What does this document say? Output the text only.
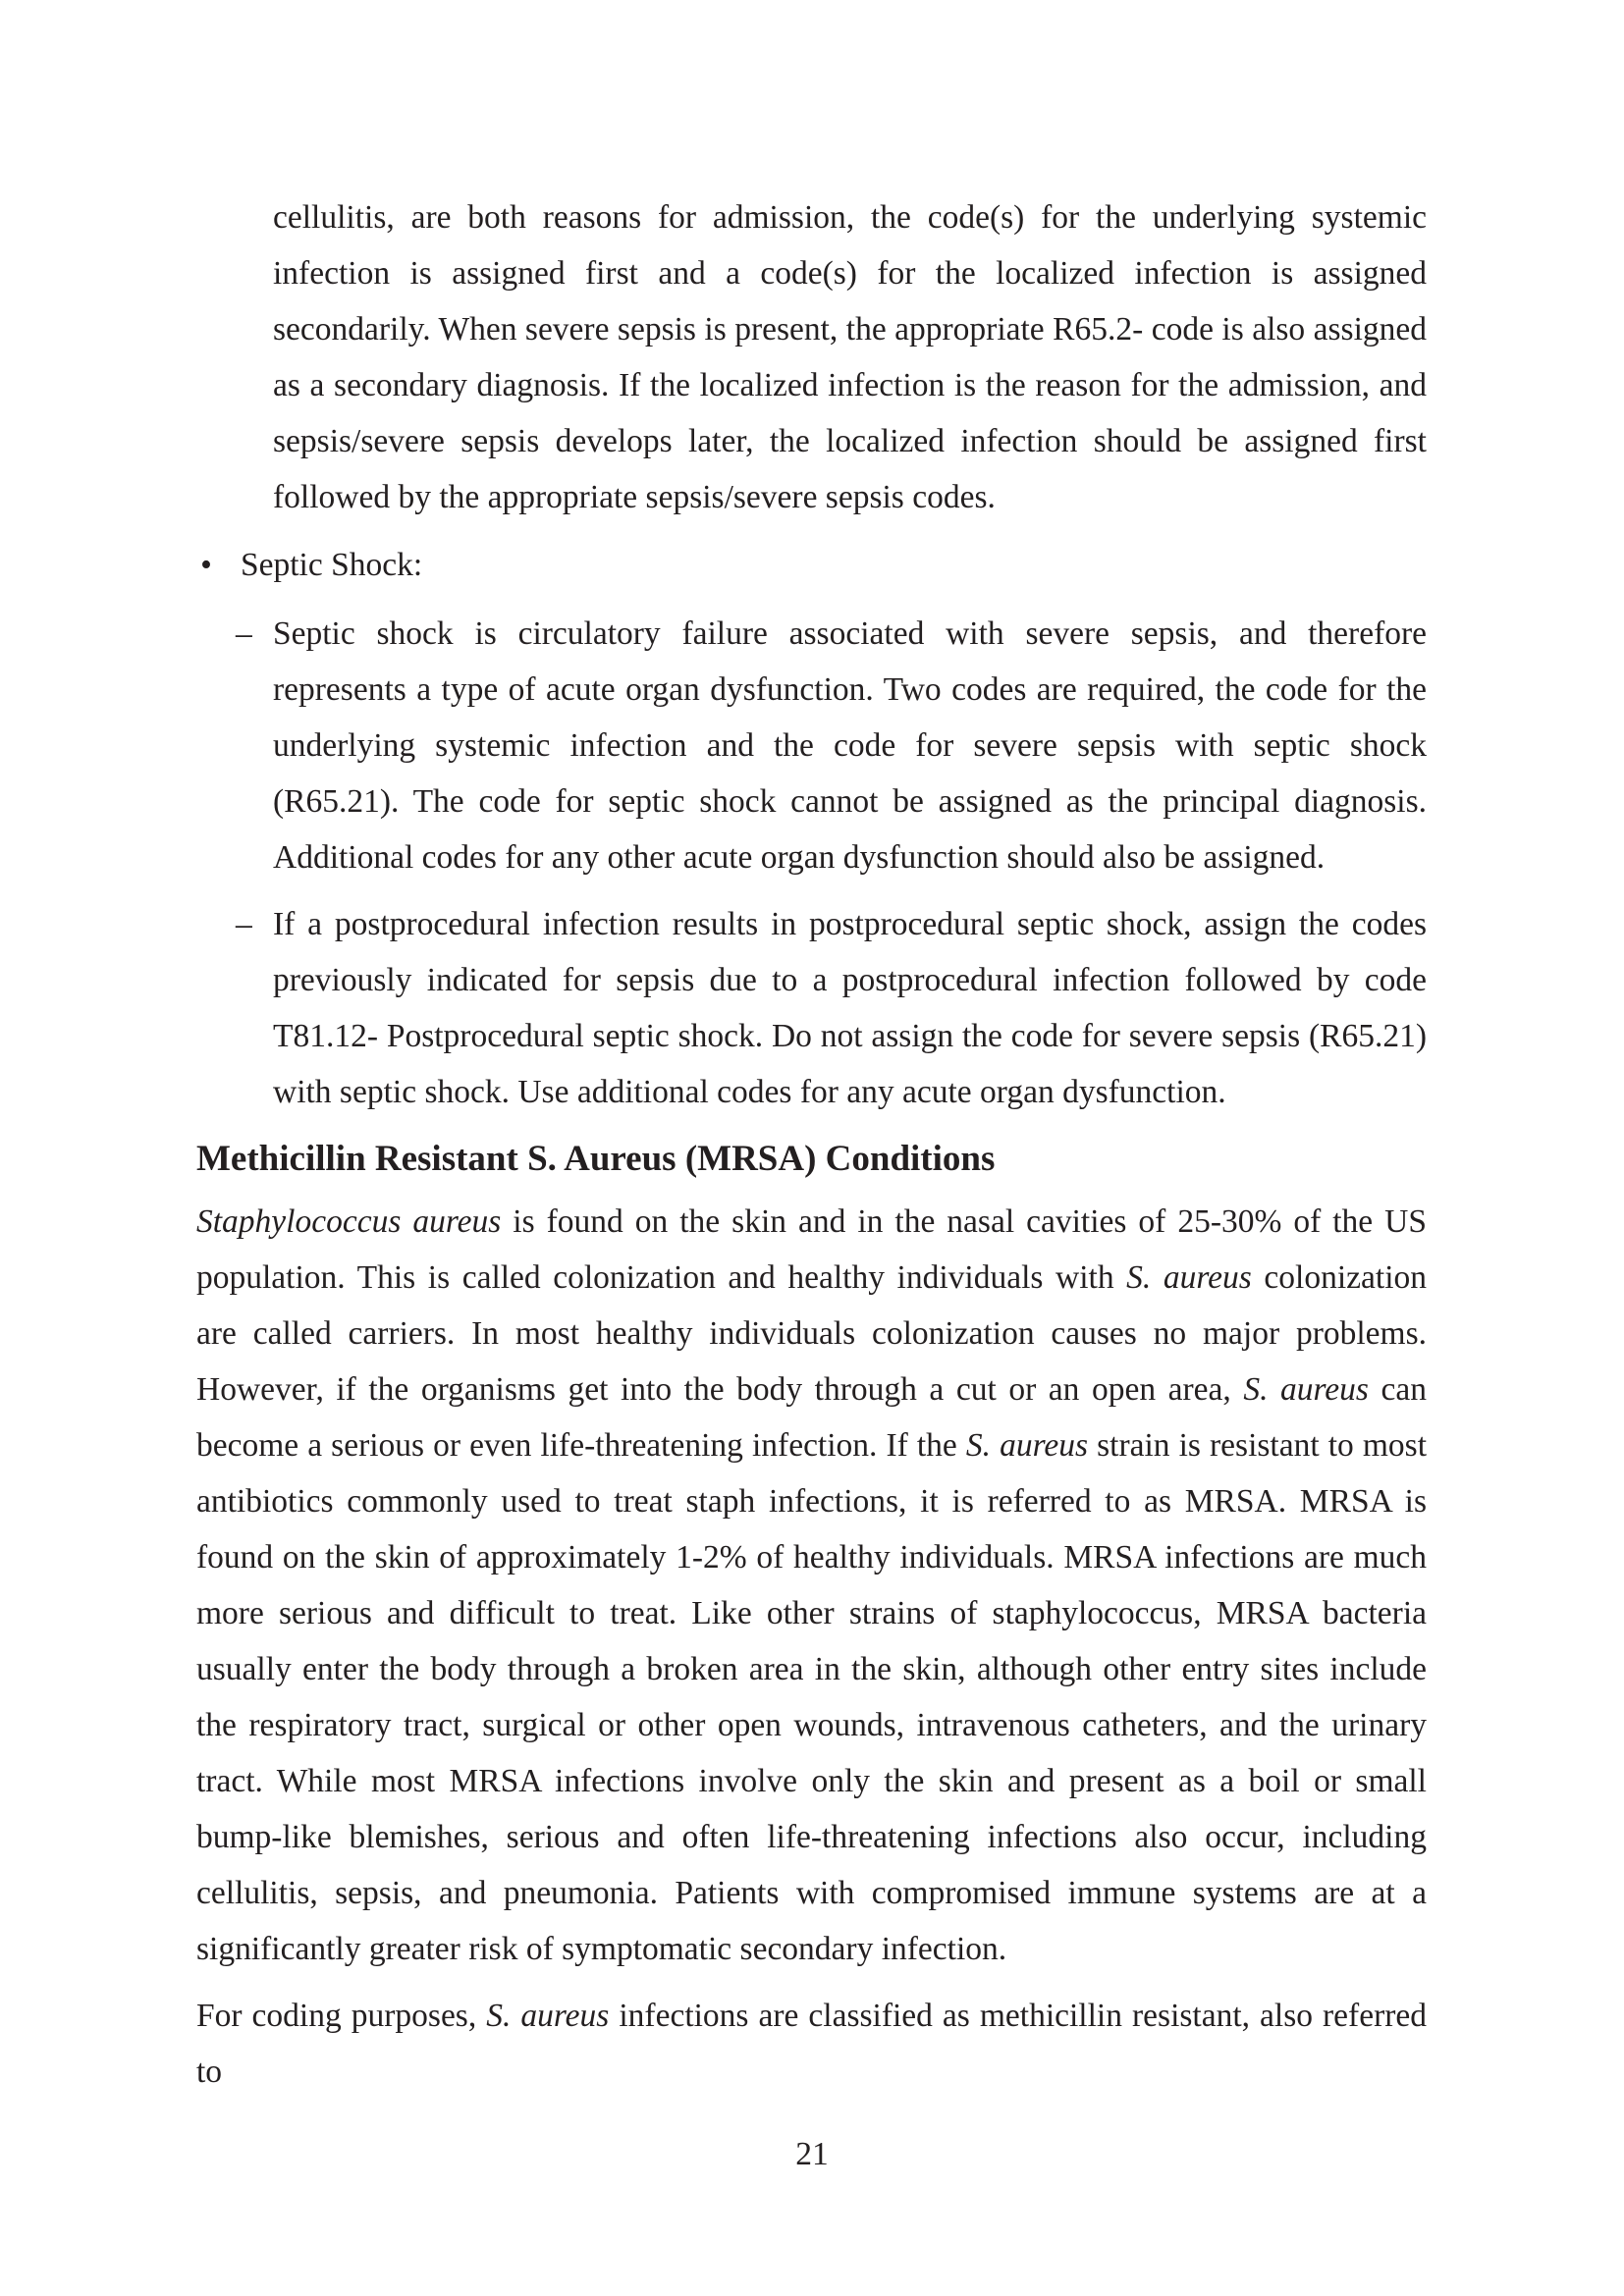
cellulitis, are both reasons for admission, the code(s) for the underlying systemic infection is assigned first and a code(s) for the localized infection is assigned secondarily. When severe sepsis is present, the appropriate R65.2- code is also assigned as a secondary diagnosis. If the localized infection is the reason for the admission, and sepsis/severe sepsis develops later, the localized infection should be assigned first followed by the appropriate sepsis/severe sepsis codes.

• Septic Shock:
– Septic shock is circulatory failure associated with severe sepsis, and therefore represents a type of acute organ dysfunction. Two codes are required, the code for the underlying systemic infection and the code for severe sepsis with septic shock (R65.21). The code for septic shock cannot be assigned as the principal diagnosis. Additional codes for any other acute organ dysfunction should also be assigned.

– If a postprocedural infection results in postprocedural septic shock, assign the codes previously indicated for sepsis due to a postprocedural infection followed by code T81.12- Postprocedural septic shock. Do not assign the code for severe sepsis (R65.21) with septic shock. Use additional codes for any acute organ dysfunction.

Methicillin Resistant S. Aureus (MRSA) Conditions

Staphylococcus aureus is found on the skin and in the nasal cavities of 25-30% of the US population. This is called colonization and healthy individuals with S. aureus colonization are called carriers. In most healthy individuals colonization causes no major problems. However, if the organisms get into the body through a cut or an open area, S. aureus can become a serious or even life-threatening infection. If the S. aureus strain is resistant to most antibiotics commonly used to treat staph infections, it is referred to as MRSA. MRSA is found on the skin of approximately 1-2% of healthy individuals. MRSA infections are much more serious and difficult to treat. Like other strains of staphylococcus, MRSA bacteria usually enter the body through a broken area in the skin, although other entry sites include the respiratory tract, surgical or other open wounds, intravenous catheters, and the urinary tract. While most MRSA infections involve only the skin and present as a boil or small bump-like blemishes, serious and often life-threatening infections also occur, including cellulitis, sepsis, and pneumonia. Patients with compromised immune systems are at a significantly greater risk of symptomatic secondary infection.

For coding purposes, S. aureus infections are classified as methicillin resistant, also referred to

21
